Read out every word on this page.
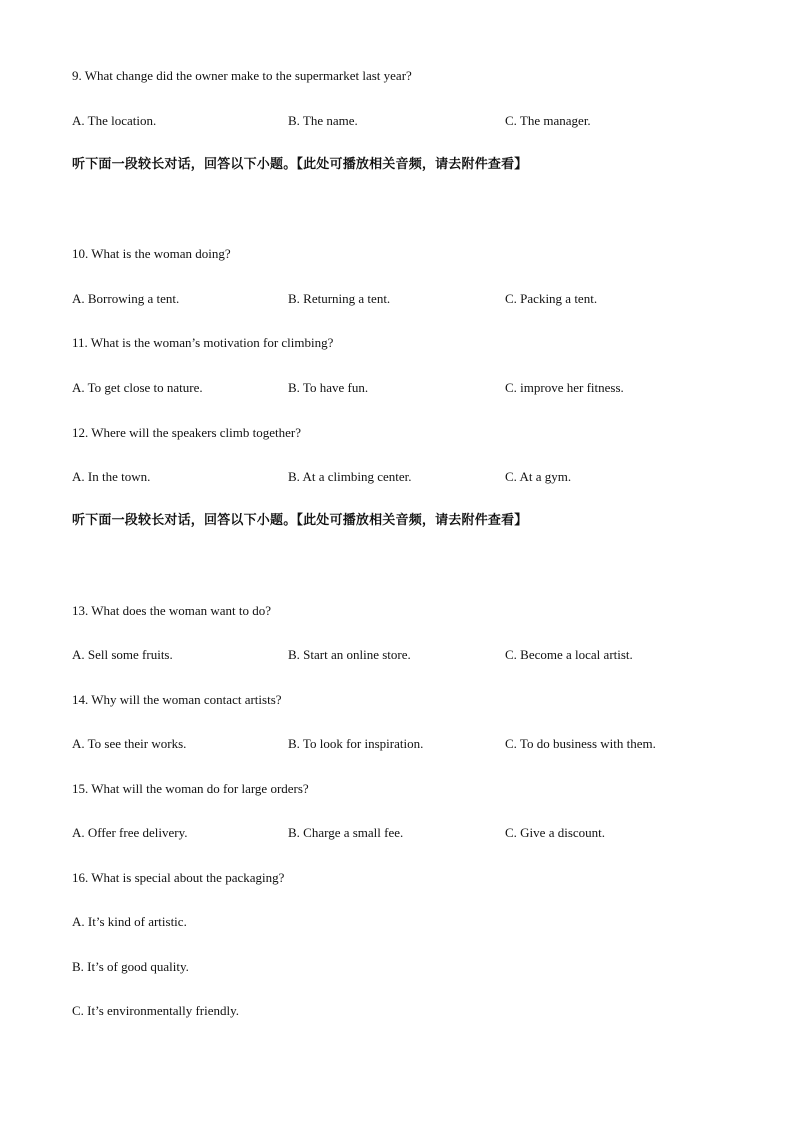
9. What change did the owner make to the supermarket last year?
A. The location.	B. The name.	C. The manager.
听下面一段较长对话，回答以下小题。【此处可播放相关音频，请去附件查看】
10. What is the woman doing?
A. Borrowing a tent.	B. Returning a tent.	C. Packing a tent.
11. What is the woman’s motivation for climbing?
A. To get close to nature.	B. To have fun.	C. improve her fitness.
12. Where will the speakers climb together?
A. In the town.	B. At a climbing center.	C. At a gym.
听下面一段较长对话，回答以下小题。【此处可播放相关音频，请去附件查看】
13. What does the woman want to do?
A. Sell some fruits.	B. Start an online store.	C. Become a local artist.
14. Why will the woman contact artists?
A. To see their works.	B. To look for inspiration.	C. To do business with them.
15. What will the woman do for large orders?
A. Offer free delivery.	B. Charge a small fee.	C. Give a discount.
16. What is special about the packaging?
A. It’s kind of artistic.
B. It’s of good quality.
C. It’s environmentally friendly.
